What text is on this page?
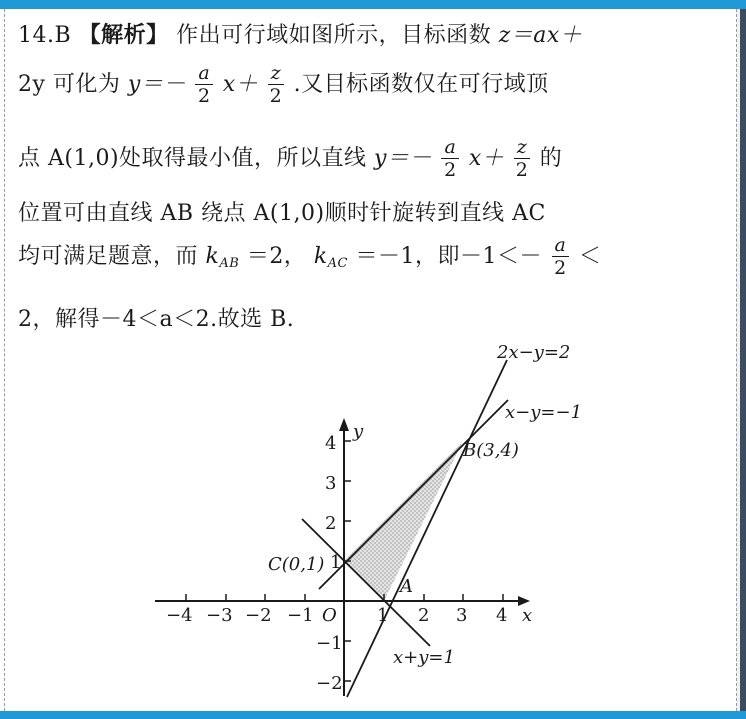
14.B 【解析】 作出可行域如图所示，目标函数 z＝ax＋
2y 可化为 $y=- \frac{a}{2} x+ \frac{z}{2}$ .又目标函数仅在可行域顶
点 A(1,0)处取得最小值，所以直线 $y=- \frac{a}{2} x+ \frac{z}{2}$ 的
位置可由直线 AB 绕点 A(1,0)顺时针旋转到直线 AC
均可满足题意，而 $k_{AB} =2$， $k_{AC} =-1$，即$-1<- \frac{a}{2}$ ＜
2，解得－4＜a＜2.故选 B.
−4 −3 −2 −1	1 2 3 4
4
3
2
1
−1
−2
x
y
O
B(3,4)
C(0,1)
A
2x−y=2
x−y=−1
x+y=1
